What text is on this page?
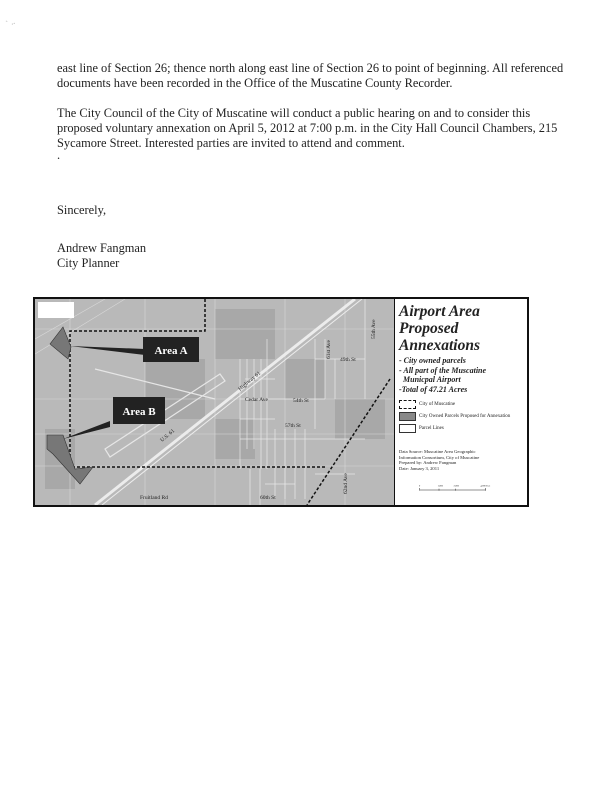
` ..

east line of Section 26; thence north along east line of Section 26 to point of beginning. All referenced
documents have been recorded in the Office of the Muscatine County Recorder.

The City Council of the City of Muscatine will conduct a public hearing on and to consider this
proposed voluntary annexation on April 5, 2012 at 7:00 p.m. in the City Hall Council Chambers, 215
Sycamore Street. Interested parties are invited to attend and comment.

.

Sincerely,

Andrew Fangman

City Planner

Area A
Area B
Highway 61
U.S. 61
49th St
54th St
57th St
Fruitland Rd	60th St
Cedar Ave
55th Ave
61st Ave
62nd Ave
Airport Area
Proposed Annexations
- City owned parcels
- All part of the Muscatine
Municpal Airport
-Total of 47.21 Acres
City of Muscatine
City Owned Parcels Proposed for Annexation
Parcel Lines
Data Source: Muscatine Area Geographic
Information Consortium, City of Muscatine
Prepared by: Andrew Fangman
Date: January 3, 2011
0	1,000	2,000	4,000 Feet
